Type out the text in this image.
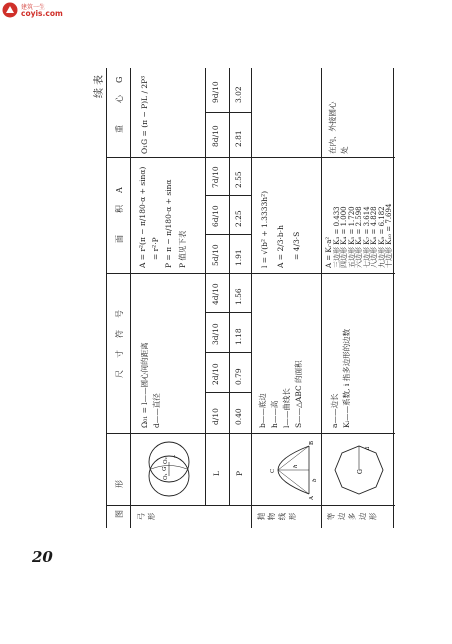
建筑一生
coyis.com
20
续表
图　　形
尺　寸　符　号
面　　积　A
重　　心　G
弓形	抛物线形	等边多边形
O₁
G
O₂
r
Ω₀₁ = l——圆心间的距离 d——直径
A = r²(π − π/180·α + sinα) = r²·P P = π − π/180·α + sinα P 值见下表
O₁G = (π − P)L / 2P³
L P
d/10
2d/10
3d/10
4d/10
5d/10
6d/10
7d/10
8d/10
9d/10
0.40
0.79
1.18
1.56
1.91
2.25
2.55
2.81
3.02
A
B
C
h
b
b——底边 h——高 l——曲线长 S——△ABC 的面积
l = √(b² + 1.3333h²) A = 2/3·b·h = 4/3·S
G
a
a——边长 Kᵢ——系数, i 指多边形的边数
A = Kᵢ·a² 三边形 K₃ = 0.433 四边形 K₄ = 1.000 五边形 K₅ = 1.720 六边形 K₆ = 2.598 七边形 K₇ = 3.614 八边形 K₈ = 4.828 九边形 K₉ = 6.182 十边形 K₁₀ = 7.694
在内、外接圆心 处
